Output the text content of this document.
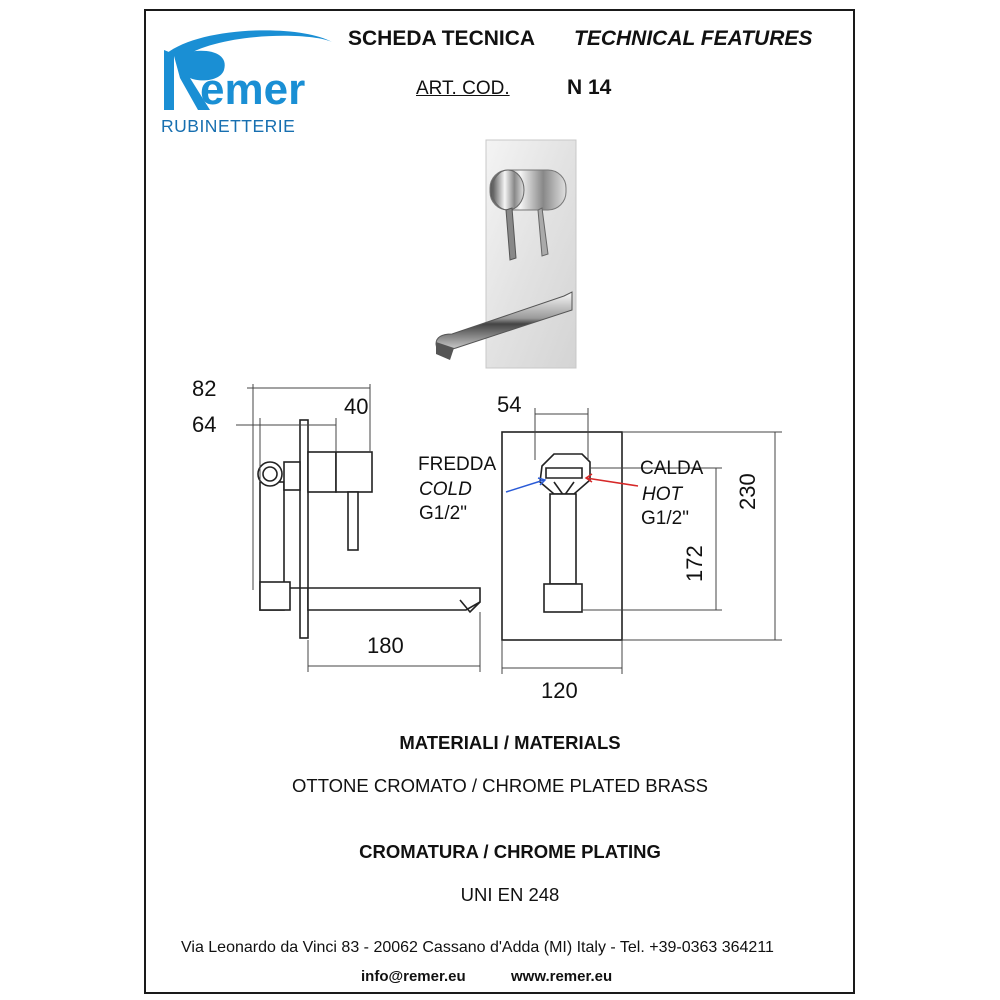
emer
RUBINETTERIE
SCHEDA TECNICA TECHNICAL FEATURES
ART. COD.	N 14
82
64
40
180
54
120
230
172
FREDDA
COLD
G1/2"
CALDA
HOT
G1/2"
MATERIALI / MATERIALS
OTTONE CROMATO / CHROME PLATED BRASS
CROMATURA / CHROME PLATING
UNI EN 248
Via Leonardo da Vinci 83 - 20062 Cassano d'Adda (MI) Italy - Tel. +39-0363 364211
info@remer.eu	www.remer.eu
